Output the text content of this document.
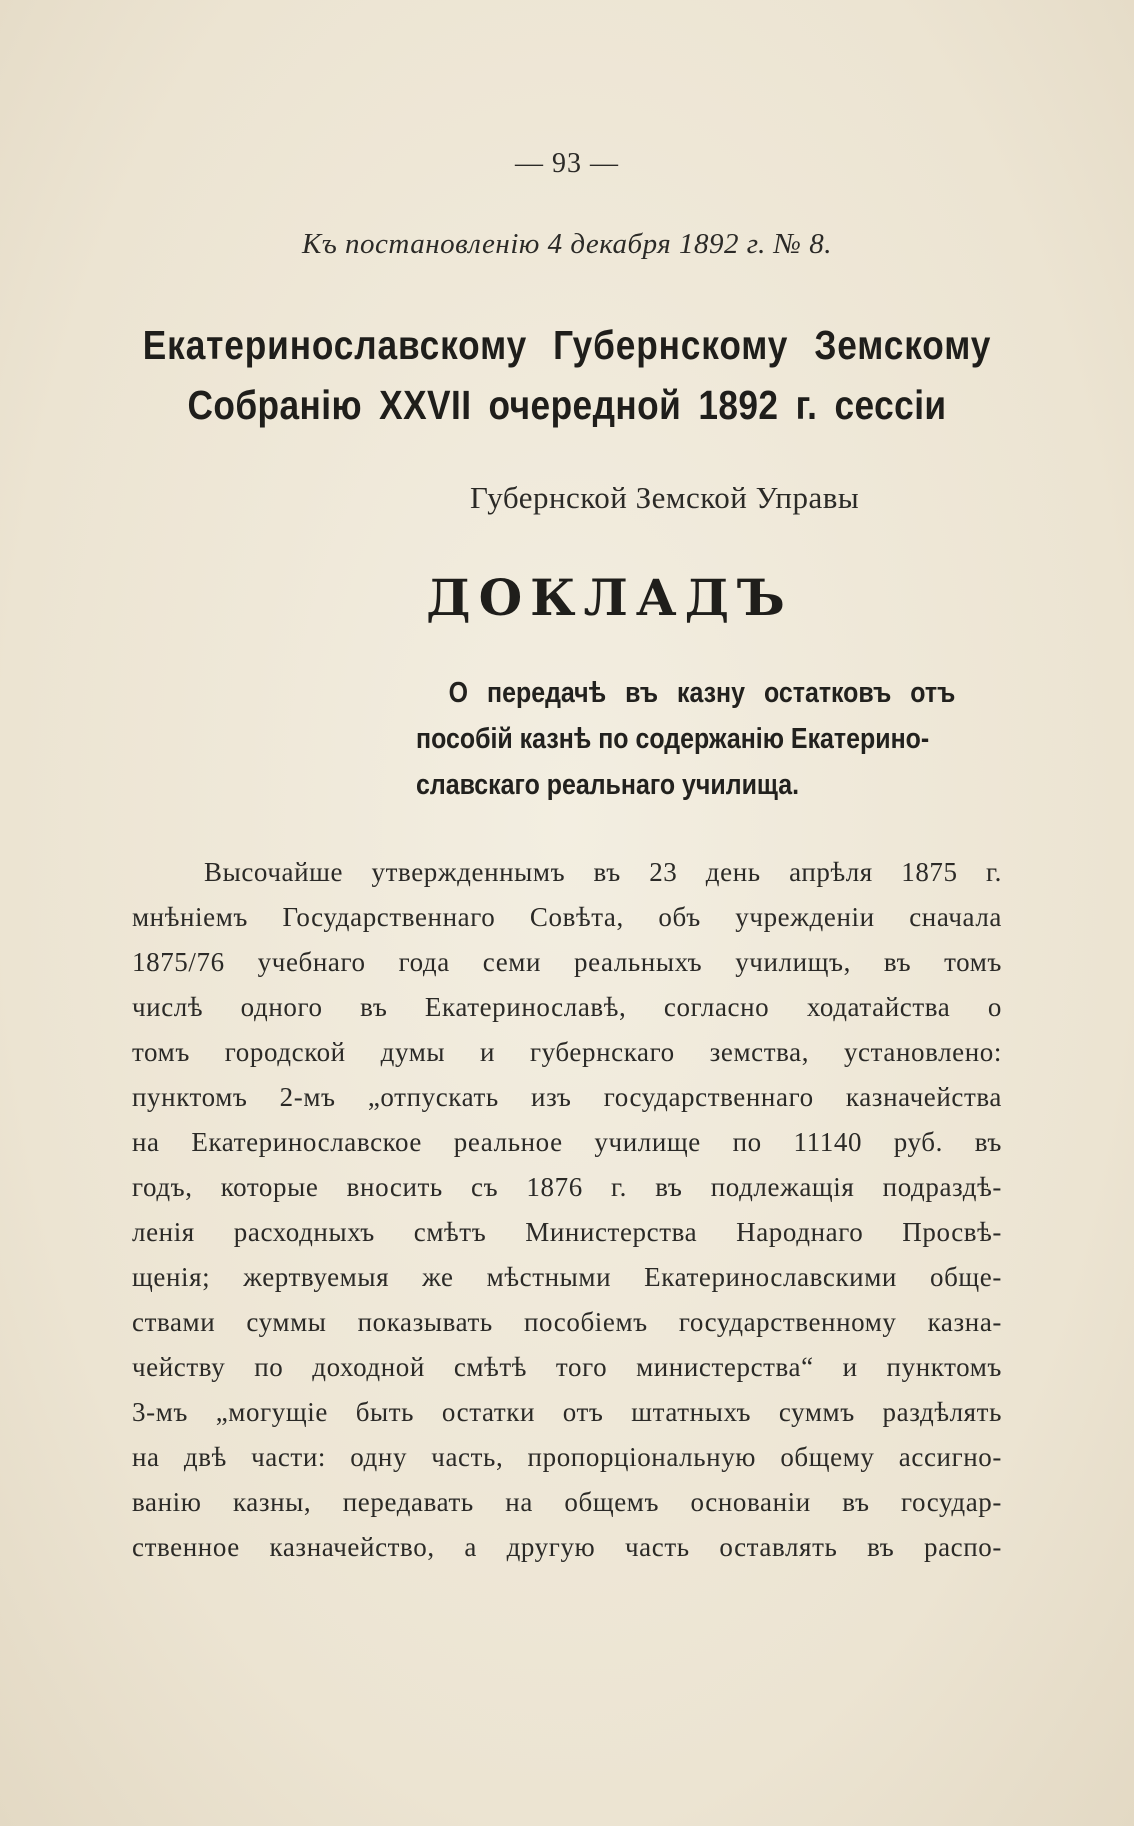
— 93 —
Къ постановленію 4 декабря 1892 г. № 8.
Екатеринославскому Губернскому Земскому
Собранію XXVII очередной 1892 г. сессіи
Губернской Земской Управы
ДОКЛАДЪ
О передачѣ въ казну остатковъ отъ
пособій казнѣ по содержанію Екатерино-
славскаго реальнаго училища.
Высочайше утвержденнымъ въ 23 день апрѣля 1875 г.
мнѣніемъ Государственнаго Совѣта, объ учрежденіи сначала
1875/76 учебнаго года семи реальныхъ училищъ, въ томъ
числѣ одного въ Екатеринославѣ, согласно ходатайства о
томъ городской думы и губернскаго земства, установлено:
пунктомъ 2-мъ „отпускать изъ государственнаго казначейства
на Екатеринославское реальное училище по 11140 руб. въ
годъ, которые вносить съ 1876 г. въ подлежащія подраздѣ-
ленія расходныхъ смѣтъ Министерства Народнаго Просвѣ-
щенія; жертвуемыя же мѣстными Екатеринославскими обще-
ствами суммы показывать пособіемъ государственному казна-
чейству по доходной смѣтѣ того министерства“ и пунктомъ
3-мъ „могущіе быть остатки отъ штатныхъ суммъ раздѣлять
на двѣ части: одну часть, пропорціональную общему ассигно-
ванію казны, передавать на общемъ основаніи въ государ-
ственное казначейство, а другую часть оставлять въ распо-
